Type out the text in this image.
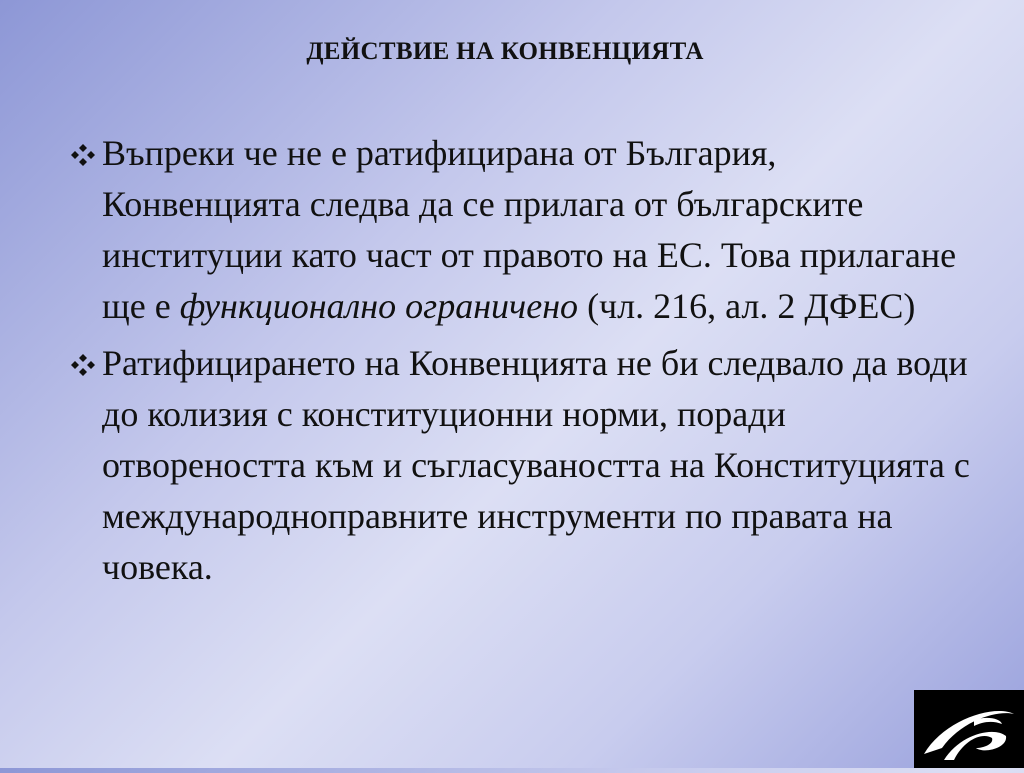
ДЕЙСТВИЕ НА КОНВЕНЦИЯТА
Въпреки че не е ратифицирана от България, Конвенцията следва да се прилага от българските институции като част от правото на ЕС. Това прилагане ще е функционално ограничено (чл. 216, ал. 2 ДФЕС)
Ратифицирането на Конвенцията не би следвало да води до колизия с конституционни норми, поради отвореността към и съгласуваността на Конституцията с международноправните инструменти по правата на човека.
